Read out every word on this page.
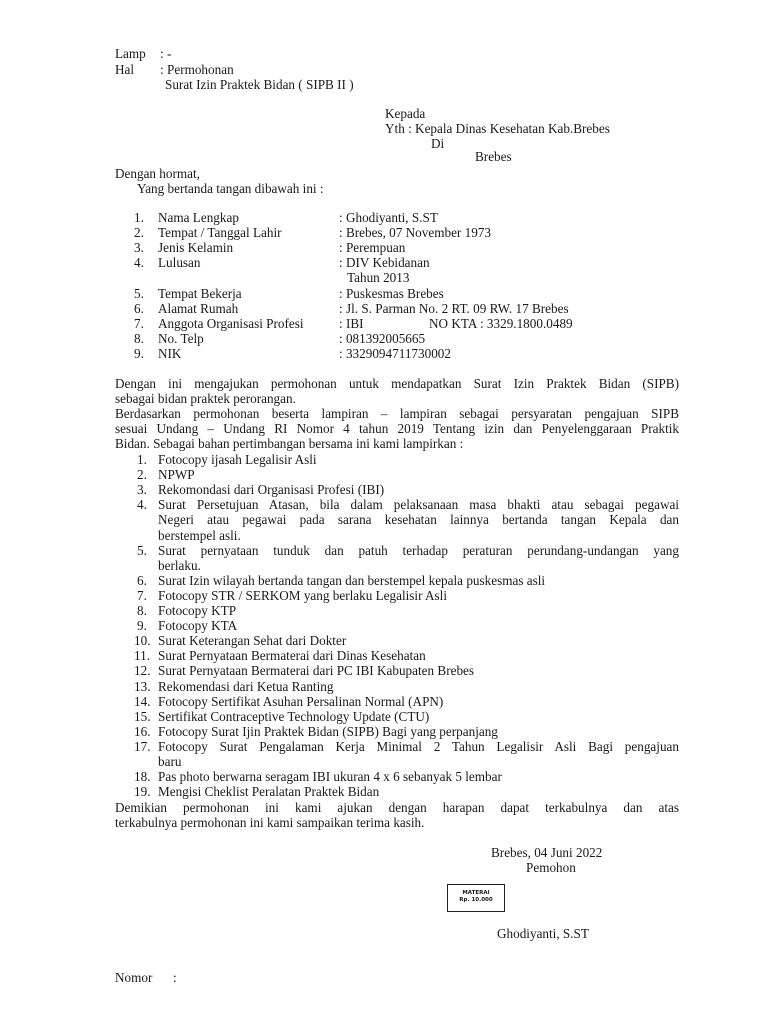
Lamp : -
Hal : Permohonan
Surat Izin Praktek Bidan ( SIPB II )
Kepada
Yth : Kepala Dinas Kesehatan Kab.Brebes
Di
Brebes
Dengan hormat,
Yang bertanda tangan dibawah ini :
1. Nama Lengkap	: Ghodiyanti, S.ST
2. Tempat / Tanggal Lahir	: Brebes, 07 November 1973
3. Jenis Kelamin	: Perempuan
4. Lulusan	: DIV Kebidanan
Tahun 2013
5. Tempat Bekerja	: Puskesmas Brebes
6. Alamat Rumah	: Jl. S. Parman No. 2 RT. 09 RW. 17 Brebes
7. Anggota Organisasi Profesi	: IBI	NO KTA : 3329.1800.0489
8. No. Telp	: 081392005665
9. NIK	: 3329094711730002
Dengan ini mengajukan permohonan untuk mendapatkan Surat Izin Praktek Bidan (SIPB)
sebagai bidan praktek perorangan.
Berdasarkan permohonan beserta lampiran – lampiran sebagai persyaratan pengajuan SIPB
sesuai Undang – Undang RI Nomor 4 tahun 2019 Tentang izin dan Penyelenggaraan Praktik
Bidan. Sebagai bahan pertimbangan bersama ini kami lampirkan :
1. Fotocopy ijasah Legalisir Asli
2. NPWP
3. Rekomondasi dari Organisasi Profesi (IBI)
4. Surat Persetujuan Atasan, bila dalam pelaksanaan masa bhakti atau sebagai pegawai
Negeri atau pegawai pada sarana kesehatan lainnya bertanda tangan Kepala dan
berstempel asli.
5. Surat pernyataan tunduk dan patuh terhadap peraturan perundang-undangan yang
berlaku.
6. Surat Izin wilayah bertanda tangan dan berstempel kepala puskesmas asli
7. Fotocopy STR / SERKOM yang berlaku Legalisir Asli
8. Fotocopy KTP
9. Fotocopy KTA
10. Surat Keterangan Sehat dari Dokter
11. Surat Pernyataan Bermaterai dari Dinas Kesehatan
12. Surat Pernyataan Bermaterai dari PC IBI Kabupaten Brebes
13. Rekomendasi dari Ketua Ranting
14. Fotocopy Sertifikat Asuhan Persalinan Normal (APN)
15. Sertifikat Contraceptive Technology Update (CTU)
16. Fotocopy Surat Ijin Praktek Bidan (SIPB) Bagi yang perpanjang
17. Fotocopy Surat Pengalaman Kerja Minimal 2 Tahun Legalisir Asli Bagi pengajuan
baru
18. Pas photo berwarna seragam IBI ukuran 4 x 6 sebanyak 5 lembar
19. Mengisi Cheklist Peralatan Praktek Bidan
Demikian permohonan ini kami ajukan dengan harapan dapat terkabulnya dan atas
terkabulnya permohonan ini kami sampaikan terima kasih.
Brebes, 04 Juni 2022
Pemohon
MATERAI
Rp. 10.000
Ghodiyanti, S.ST
Nomor :
